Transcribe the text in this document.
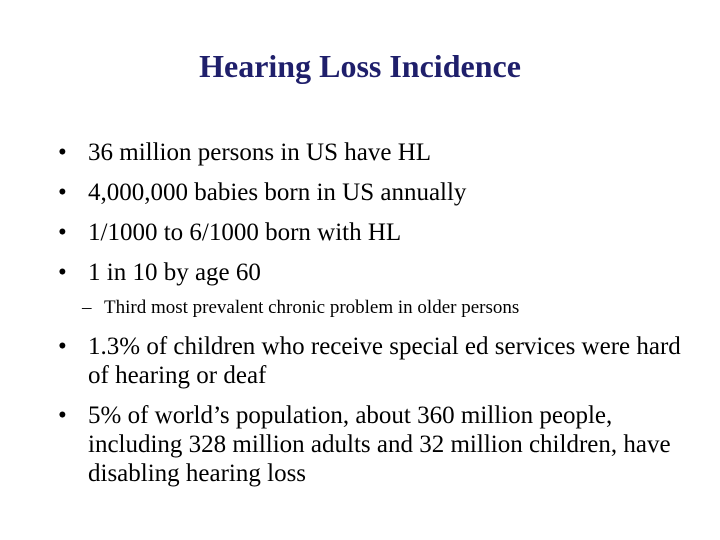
Hearing Loss Incidence
• 36 million persons in US have HL
• 4,000,000 babies born in US annually
• 1/1000 to 6/1000 born with HL
• 1 in 10 by age 60
– Third most prevalent chronic problem in older persons
• 1.3% of children who receive special ed services were hard of hearing or deaf
• 5% of world’s population, about 360 million people, including 328 million adults and 32 million children, have disabling hearing loss
